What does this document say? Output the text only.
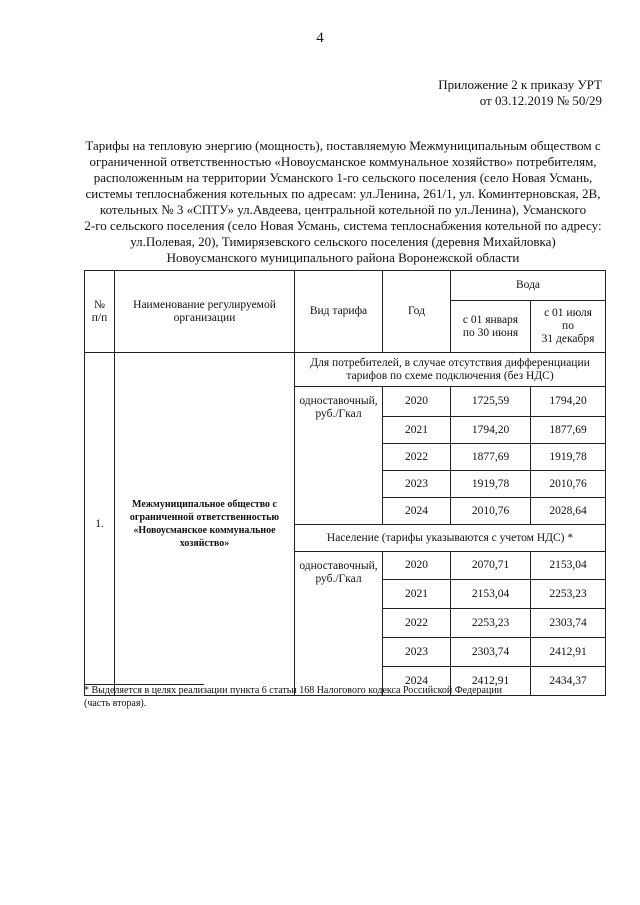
4
Приложение 2 к приказу УРТ
от 03.12.2019 № 50/29
Тарифы на тепловую энергию (мощность), поставляемую Межмуниципальным обществом с
ограниченной ответственностью «Новоусманское коммунальное хозяйство» потребителям,
расположенным на территории Усманского 1-го сельского поселения (село Новая Усмань,
системы теплоснабжения котельных по адресам: ул.Ленина, 261/1, ул. Коминтерновская, 2В,
котельных № 3 «СПТУ» ул.Авдеева, центральной котельной по ул.Ленина), Усманского
2-го сельского поселения (село Новая Усмань, система теплоснабжения котельной по адресу:
ул.Полевая, 20), Тимирязевского сельского поселения (деревня Михайловка)
Новоусманского муниципального района Воронежской области
№
п/п	Наименование регулируемой
организации	Вид тарифа	Год	Вода	
				с 01 января
по 30 июня	с 01 июля
по
31 декабря
1.	Межмуниципальное общество с ограниченной ответственностью «Новоусманское коммунальное хозяйство»	Для потребителей, в случае отсутствия дифференциации тарифов по схеме подключения (без НДС)			
		одноставочный,
руб./Гкал	2020	1725,59	1794,20
			2021	1794,20	1877,69
			2022	1877,69	1919,78
			2023	1919,78	2010,76
			2024	2010,76	2028,64
		Население (тарифы указываются с учетом НДС) *			
		одноставочный,
руб./Гкал	2020	2070,71	2153,04
			2021	2153,04	2253,23
			2022	2253,23	2303,74
			2023	2303,74	2412,91
			2024	2412,91	2434,37
* Выделяется в целях реализации пункта 6 статьи 168 Налогового кодекса Российской Федерации (часть вторая).
